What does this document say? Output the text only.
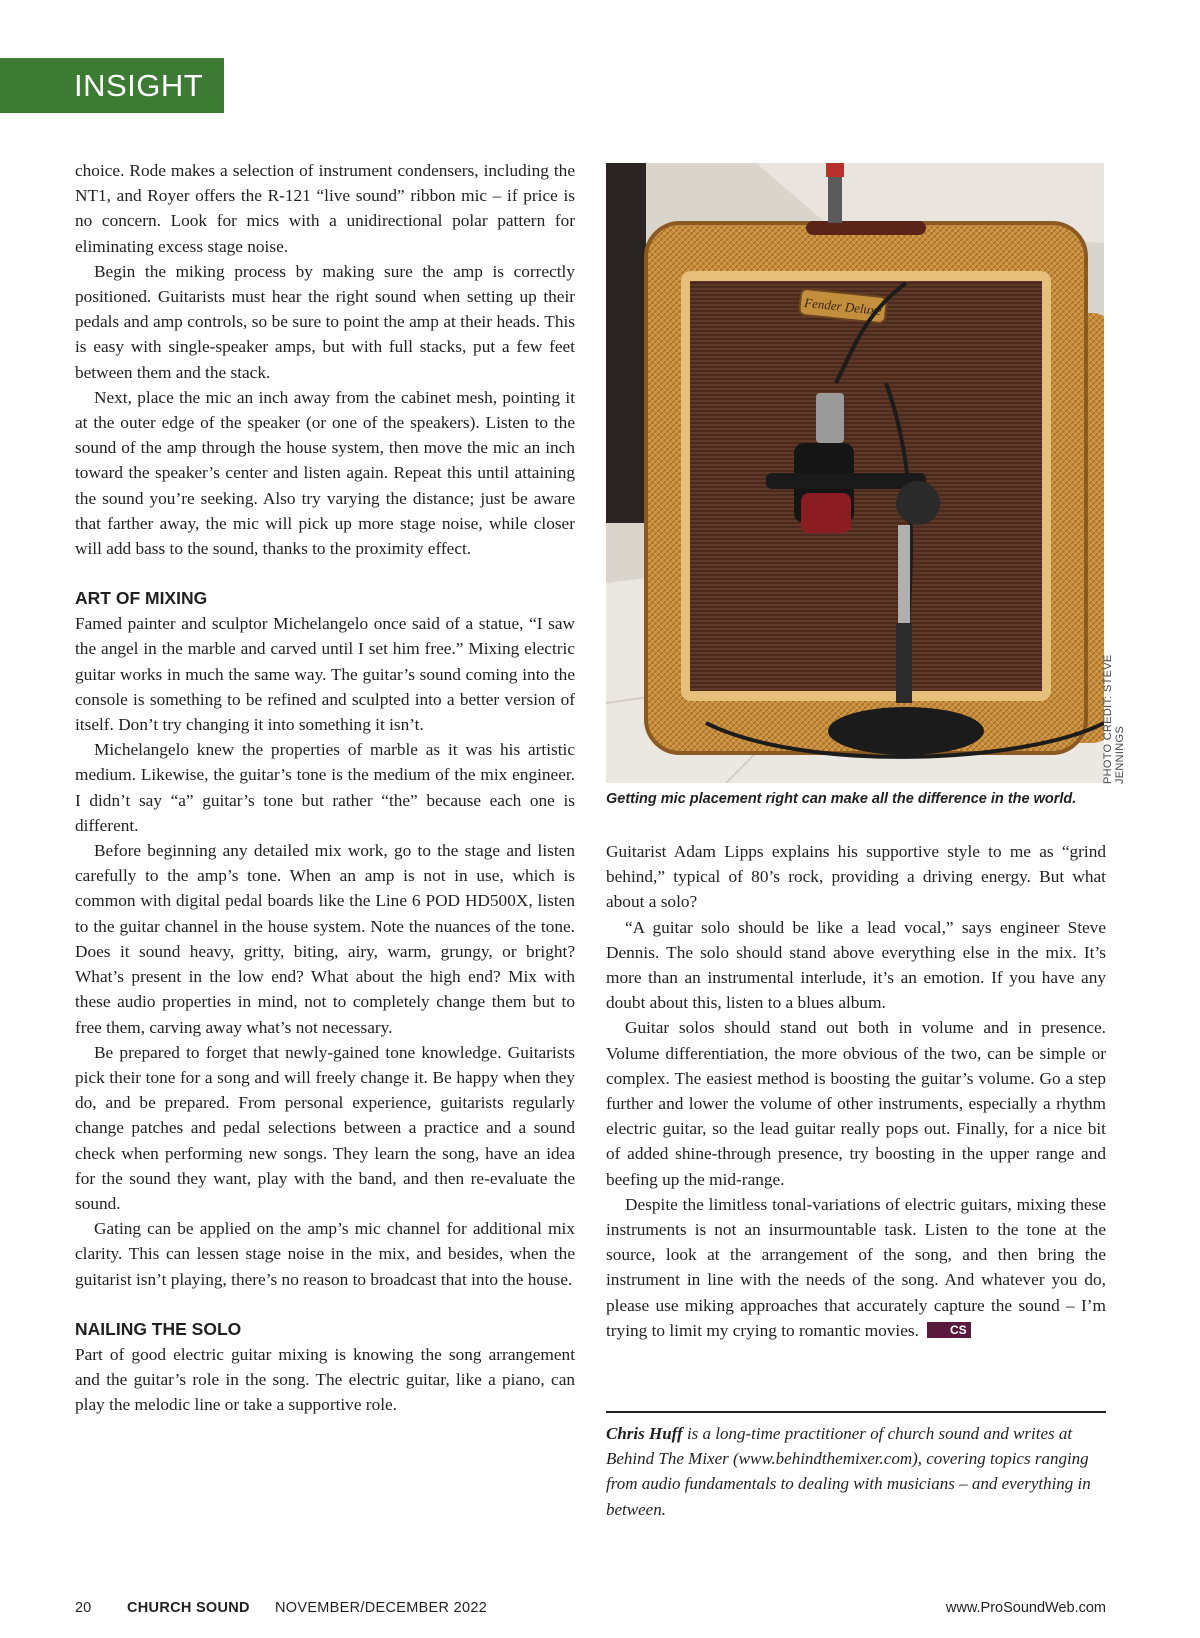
INSIGHT

choice. Rode makes a selection of instrument condensers, including the NT1, and Royer offers the R-121 “live sound” ribbon mic – if price is no concern. Look for mics with a unidirectional polar pattern for eliminating excess stage noise.

Begin the miking process by making sure the amp is correctly positioned. Guitarists must hear the right sound when setting up their pedals and amp controls, so be sure to point the amp at their heads. This is easy with single-speaker amps, but with full stacks, put a few feet between them and the stack.

Next, place the mic an inch away from the cabinet mesh, pointing it at the outer edge of the speaker (or one of the speakers). Listen to the sound of the amp through the house system, then move the mic an inch toward the speaker’s center and listen again. Repeat this until attaining the sound you’re seeking. Also try varying the distance; just be aware that farther away, the mic will pick up more stage noise, while closer will add bass to the sound, thanks to the proximity effect.

ART OF MIXING

Famed painter and sculptor Michelangelo once said of a statue, “I saw the angel in the marble and carved until I set him free.” Mixing electric guitar works in much the same way. The guitar’s sound coming into the console is something to be refined and sculpted into a better version of itself. Don’t try changing it into something it isn’t.

Michelangelo knew the properties of marble as it was his artistic medium. Likewise, the guitar’s tone is the medium of the mix engineer. I didn’t say “a” guitar’s tone but rather “the” because each one is different.

Before beginning any detailed mix work, go to the stage and listen carefully to the amp’s tone. When an amp is not in use, which is common with digital pedal boards like the Line 6 POD HD500X, listen to the guitar channel in the house system. Note the nuances of the tone. Does it sound heavy, gritty, biting, airy, warm, grungy, or bright? What’s present in the low end? What about the high end? Mix with these audio properties in mind, not to completely change them but to free them, carving away what’s not necessary.

Be prepared to forget that newly-gained tone knowledge. Guitarists pick their tone for a song and will freely change it. Be happy when they do, and be prepared. From personal experience, guitarists regularly change patches and pedal selections between a practice and a sound check when performing new songs. They learn the song, have an idea for the sound they want, play with the band, and then re-evaluate the sound.

Gating can be applied on the amp’s mic channel for additional mix clarity. This can lessen stage noise in the mix, and besides, when the guitarist isn’t playing, there’s no reason to broadcast that into the house.

NAILING THE SOLO

Part of good electric guitar mixing is knowing the song arrangement and the guitar’s role in the song. The electric guitar, like a piano, can play the melodic line or take a supportive role.

Fender Deluxe
PHOTO CREDIT: STEVE JENNINGS
Getting mic placement right can make all the difference in the world.

Guitarist Adam Lipps explains his supportive style to me as “grind behind,” typical of 80’s rock, providing a driving energy. But what about a solo?

“A guitar solo should be like a lead vocal,” says engineer Steve Dennis. The solo should stand above everything else in the mix. It’s more than an instrumental interlude, it’s an emotion. If you have any doubt about this, listen to a blues album.

Guitar solos should stand out both in volume and in presence. Volume differentiation, the more obvious of the two, can be simple or complex. The easiest method is boosting the guitar’s volume. Go a step further and lower the volume of other instruments, especially a rhythm electric guitar, so the lead guitar really pops out. Finally, for a nice bit of added shine-through presence, try boosting in the upper range and beefing up the mid-range.

Despite the limitless tonal-variations of electric guitars, mixing these instruments is not an insurmountable task. Listen to the tone at the source, look at the arrangement of the song, and then bring the instrument in line with the needs of the song. And whatever you do, please use miking approaches that accurately capture the sound – I’m trying to limit my crying to romantic movies.	CS

Chris Huff is a long-time practitioner of church sound and writes at Behind The Mixer (www.behindthemixer.com), covering topics ranging from audio fundamentals to dealing with musicians – and everything in between.
20 CHURCH SOUND NOVEMBER/DECEMBER 2022	www.ProSoundWeb.com
